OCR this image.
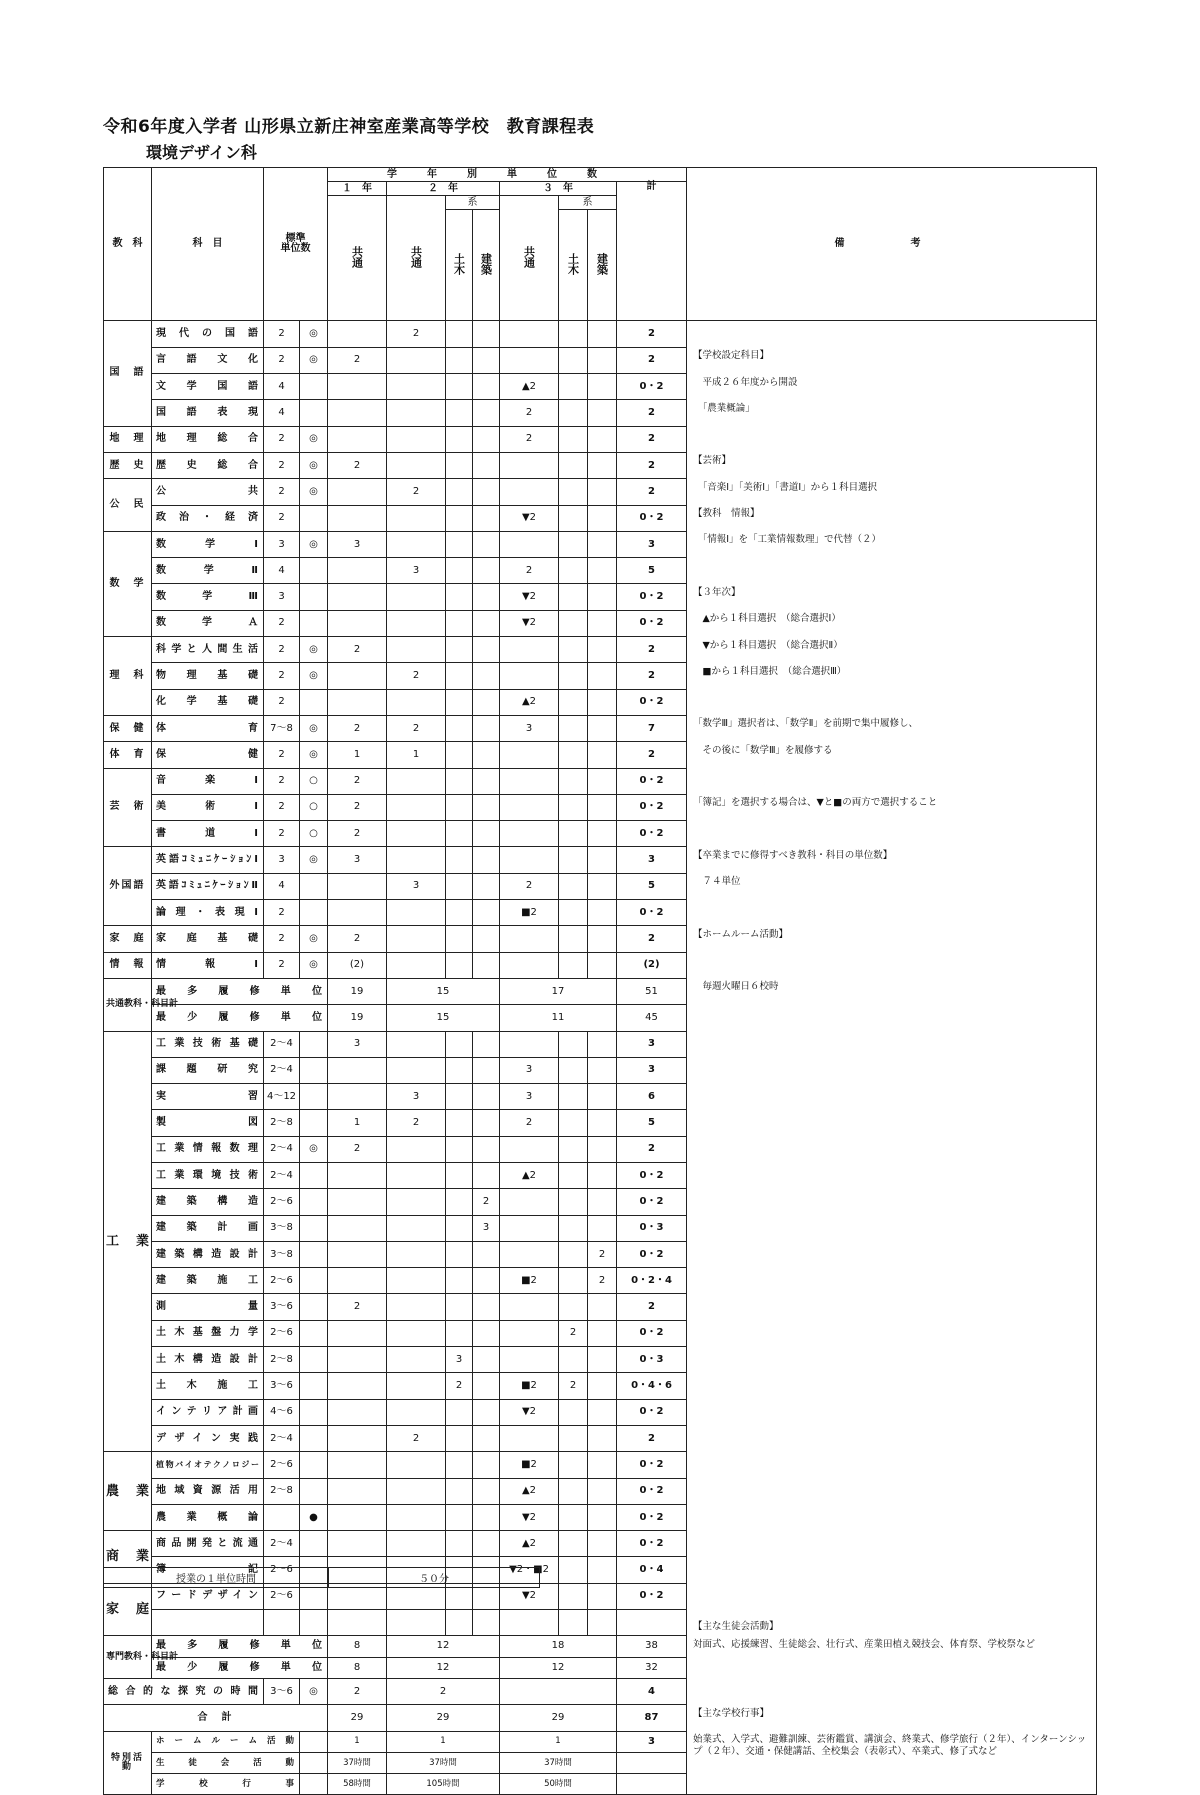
令和6年度入学者 山形県立新庄神室産業高等学校　教育課程表
環境デザイン科
教　科	科　目	標準
単位数		学年別単位数								備　考
				１　年	２　年			３　年			計	
				共通	共通	系		共通	系			
						土木	建築		土木	建築		
国　語	現代の国語	2	◎		2						2	
	言語文化	2	◎	2							2	【学校設定科目】
	文学国語	4						▲2			0・2	　平成２６年度から開設
	国語表現	4						2			2	　「農業概論」
地　理	地理総合	2	◎					2			2	
歴　史	歴史総合	2	◎	2							2	【芸術】
公　民	公共	2	◎		2						2	　「音楽Ⅰ」「美術Ⅰ」「書道Ⅰ」から１科目選択
	政治・経済	2						▼2			0・2	【教科　情報】
数　学	数学Ⅰ	3	◎	3							3	　「情報Ⅰ」を「工業情報数理」で代替（２）
	数学Ⅱ	4			3			2			5	
	数学Ⅲ	3						▼2			0・2	【３年次】
	数学Ａ	2						▼2			0・2	　▲から１科目選択　（総合選択Ⅰ）
理　科	科学と人間生活	2	◎	2							2	　▼から１科目選択　（総合選択Ⅱ）
	物理基礎	2	◎		2						2	　■から１科目選択　（総合選択Ⅲ）
	化学基礎	2						▲2			0・2	
保　健	体育	7～8	◎	2	2			3			7	「数学Ⅲ」選択者は、「数学Ⅱ」を前期で集中履修し、
体　育	保健	2	◎	1	1						2	　その後に「数学Ⅲ」を履修する
芸　術	音楽Ⅰ	2	○	2							0・2	
	美術Ⅰ	2	○	2							0・2	「簿記」を選択する場合は、▼と■の両方で選択すること
	書道Ⅰ	2	○	2							0・2	
外国語	英語ｺﾐｭﾆｹｰｼｮﾝⅠ	3	◎	3							3	【卒業までに修得すべき教科・科目の単位数】
	英語ｺﾐｭﾆｹｰｼｮﾝⅡ	4			3			2			5	　７４単位
	論理・表現Ⅰ	2						■2			0・2	
家　庭	家庭基礎	2	◎	2							2	【ホームルーム活動】
情　報	情報Ⅰ	2	◎	(2)							(2)	
共通教科・科目計	最多履修単位			19	15			17			51	　毎週火曜日６校時
	最少履修単位			19	15			11			45	
工　業	工業技術基礎	2～4		3							3	
	課題研究	2～4						3			3	
	実習	4～12			3			3			6	
	製図	2～8		1	2			2			5	
	工業情報数理	2～4	◎	2							2	
	工業環境技術	2～4						▲2			0・2	
	建築構造	2～6					2				0・2	
	建築計画	3～8					3				0・3	
	建築構造設計	3～8								2	0・2	
	建築施工	2～6						■2		2	0・2・4	
	測量	3～6		2							2	
	土木基盤力学	2～6							2		0・2	
	土木構造設計	2～8				3					0・3	
	土木施工	3～6				2		■2	2		0・4・6	
	インテリア計画	4～6						▼2			0・2	
	デザイン実践	2～4			2						2	
農　業	植物バイオテクノロジー	2～6						■2			0・2	
	地域資源活用	2～8						▲2			0・2	
	農業概論		●					▼2			0・2	
商　業	商品開発と流通	2～4						▲2			0・2	
	簿記	2～6						▼2・■2			0・4	
家　庭	フードデザイン	2～6						▼2			0・2	
												【主な生徒会活動】
専門教科・科目計	最多履修単位			8	12			18			38	対面式、応援練習、生徒総会、壮行式、産業田植え競技会、体育祭、学校祭など
	最少履修単位			8	12			12			32	
総合的な探究の時間		3～6	◎	2	2						4	
合　計				29	29			29			87	【主な学校行事】
特別活動	ホームルーム活動			1	1			1			3	始業式、入学式、避難訓練、芸術鑑賞、講演会、終業式、修学旅行（２年）、インターンシップ（２年）、交通・保健講話、全校集会（表彰式）、卒業式、修了式など
	生徒会活動			37時間	37時間			37時間				
	学校行事			58時間	105時間			50時間				
授業の１単位時間	５０分
